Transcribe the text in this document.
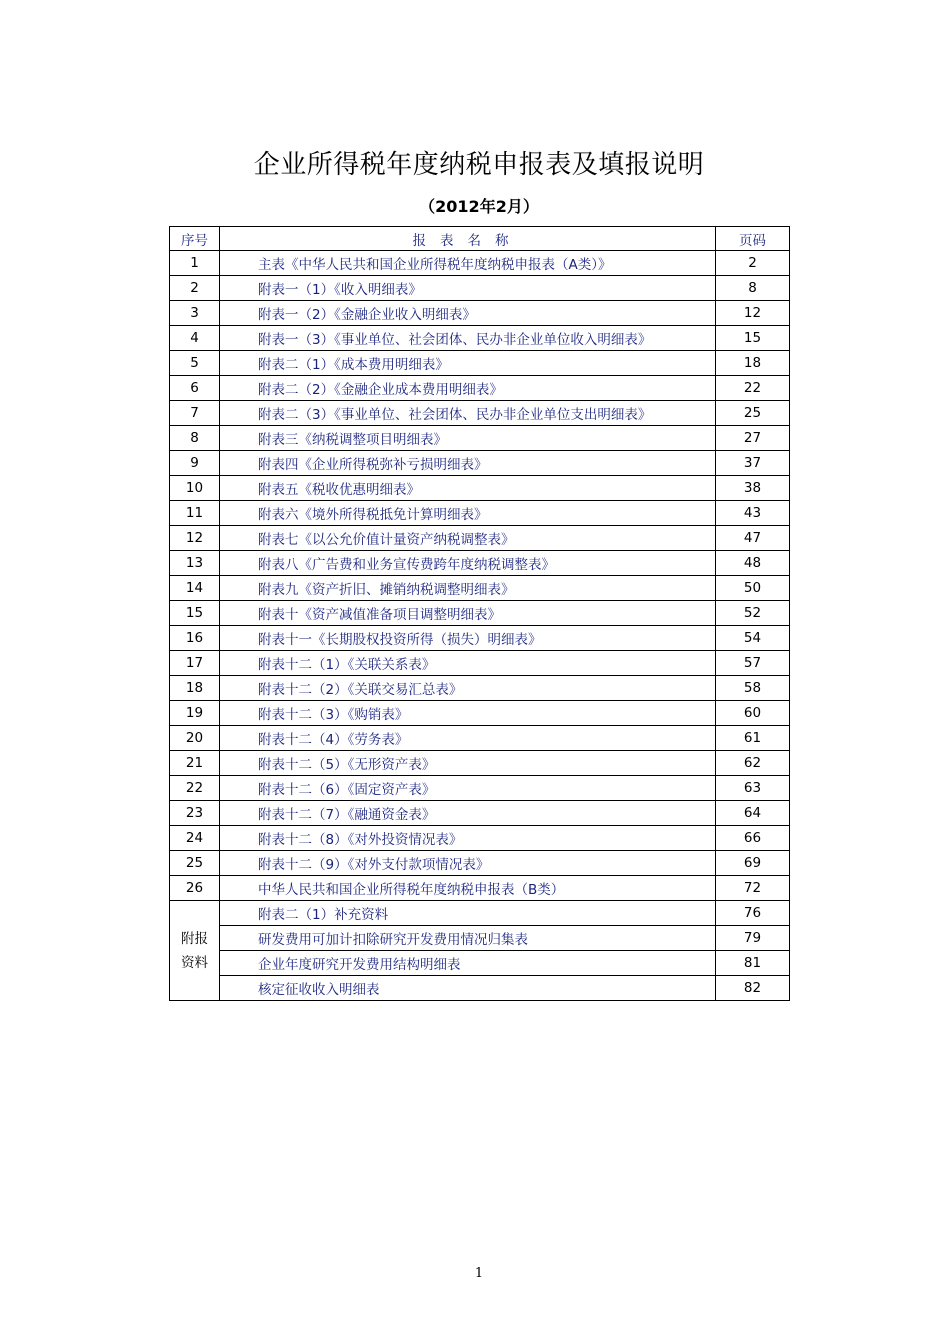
企业所得税年度纳税申报表及填报说明
（2012年2月）
序号	报表名称	页码
1	主表《中华人民共和国企业所得税年度纳税申报表（A类）》	2
2	附表一（1）《收入明细表》	8
3	附表一（2）《金融企业收入明细表》	12
4	附表一（3）《事业单位、社会团体、民办非企业单位收入明细表》	15
5	附表二（1）《成本费用明细表》	18
6	附表二（2）《金融企业成本费用明细表》	22
7	附表二（3）《事业单位、社会团体、民办非企业单位支出明细表》	25
8	附表三《纳税调整项目明细表》	27
9	附表四《企业所得税弥补亏损明细表》	37
10	附表五《税收优惠明细表》	38
11	附表六《境外所得税抵免计算明细表》	43
12	附表七《以公允价值计量资产纳税调整表》	47
13	附表八《广告费和业务宣传费跨年度纳税调整表》	48
14	附表九《资产折旧、摊销纳税调整明细表》	50
15	附表十《资产减值准备项目调整明细表》	52
16	附表十一《长期股权投资所得（损失）明细表》	54
17	附表十二（1）《关联关系表》	57
18	附表十二（2）《关联交易汇总表》	58
19	附表十二（3）《购销表》	60
20	附表十二（4）《劳务表》	61
21	附表十二（5）《无形资产表》	62
22	附表十二（6）《固定资产表》	63
23	附表十二（7）《融通资金表》	64
24	附表十二（8）《对外投资情况表》	66
25	附表十二（9）《对外支付款项情况表》	69
26	中华人民共和国企业所得税年度纳税申报表（B类）	72

附报
资料	附表二（1）补充资料	76
	研发费用可加计扣除研究开发费用情况归集表	79
	企业年度研究开发费用结构明细表	81
	核定征收收入明细表	82
1
